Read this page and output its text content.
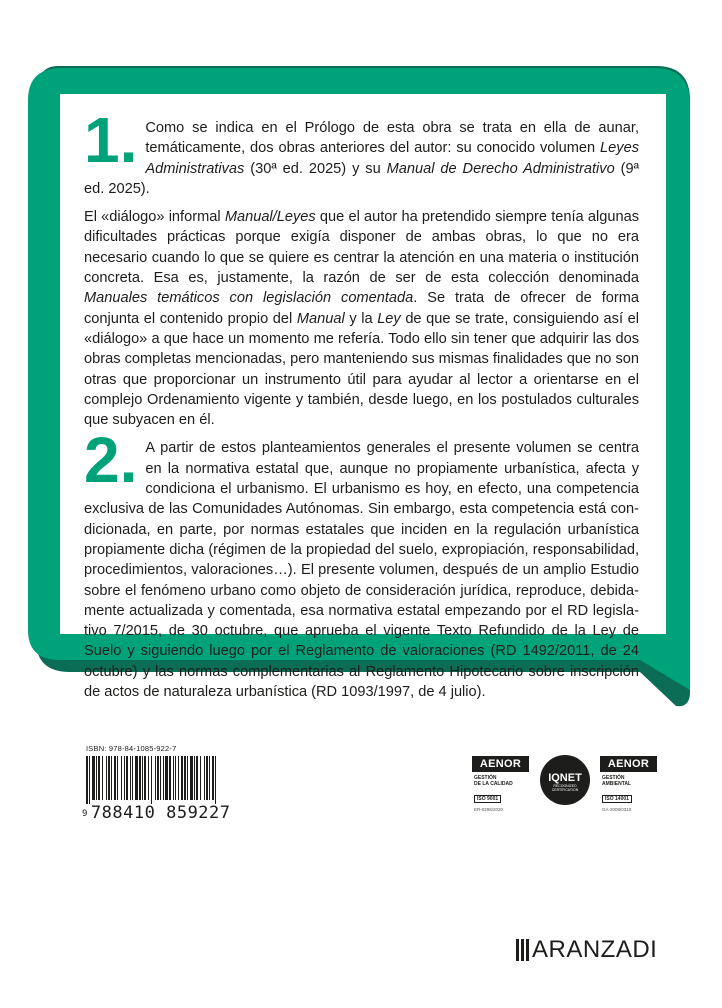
1. Como se indica en el Prólogo de esta obra se trata en ella de aunar, temáticamente, dos obras anteriores del autor: su conocido volumen Leyes Administrativas (30ª ed. 2025) y su Manual de Derecho Administrativo (9ª ed. 2025).

El «diálogo» informal Manual/Leyes que el autor ha pretendido siempre tenía algunas dificultades prácticas porque exigía disponer de ambas obras, lo que no era necesario cuando lo que se quiere es centrar la atención en una materia o institución concreta. Esa es, justamente, la razón de ser de esta colección denominada Manuales temáticos con legislación comentada. Se trata de ofrecer de forma conjunta el contenido propio del Manual y la Ley de que se trate, consiguiendo así el «diálogo» a que hace un momento me refería. Todo ello sin tener que adquirir las dos obras completas mencionadas, pero manteniendo sus mismas finalidades que no son otras que proporcionar un instrumento útil para ayudar al lector a orientarse en el complejo Ordenamiento vigente y también, desde luego, en los postulados culturales que subyacen en él.

2. A partir de estos planteamientos generales el presente volumen se centra en la normativa estatal que, aunque no propiamente urbanística, afecta y condiciona el urbanismo. El urbanismo es hoy, en efecto, una competencia exclusiva de las Comunidades Autónomas. Sin embargo, esta competencia está condicionada, en parte, por normas estatales que inciden en la regulación urbanística propiamente dicha (régimen de la propiedad del suelo, expropiación, responsabilidad, procedimientos, valoraciones…). El presente volumen, después de un amplio Estudio sobre el fenómeno urbano como objeto de consideración jurídica, reproduce, debidamente actualizada y comentada, esa normativa estatal empezando por el RD legislativo 7/2015, de 30 octubre, que aprueba el vigente Texto Refundido de la Ley de Suelo y siguiendo luego por el Reglamento de valoraciones (RD 1492/2011, de 24 octubre) y las normas complementarias al Reglamento Hipotecario sobre inscripción de actos de naturaleza urbanística (RD 1093/1997, de 4 julio).

ISBN: 978-84-1085-922-7
9 788410 859227
AENOR
GESTIÓN
DE LA CALIDAD
ISO 9001
ER-0298/2020
IQNET
RECOGNIZED
CERTIFICATION
AENOR
GESTIÓN
AMBIENTAL
ISO 14001
GA-2008/0310
ARANZADI
